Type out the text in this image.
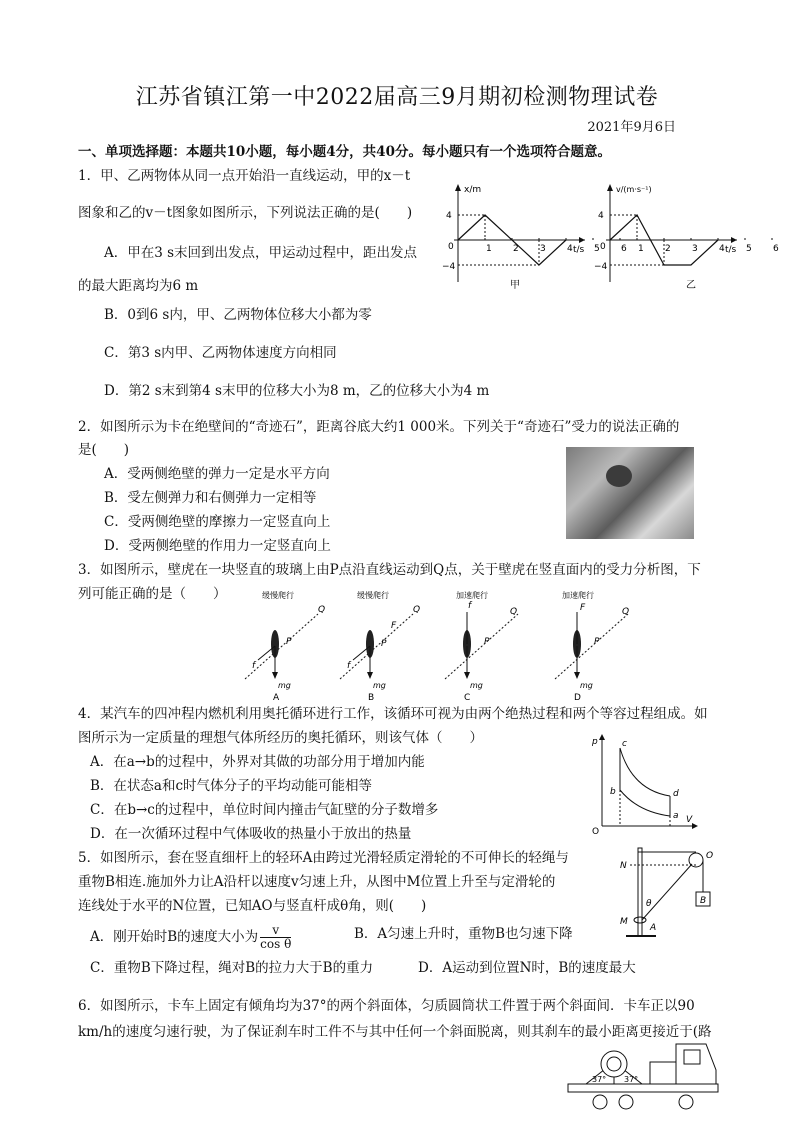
江苏省镇江第一中2022届高三9月期初检测物理试卷
2021年9月6日
一、单项选择题：本题共10小题，每小题4分，共40分。每小题只有一个选项符合题意。
1．甲、乙两物体从同一点开始沿一直线运动，甲的x－t
图象和乙的v－t图象如图所示，下列说法正确的是(　　)
A．甲在3 s末回到出发点，甲运动过程中，距出发点
的最大距离均为6 m
B．0到6 s内，甲、乙两物体位移大小都为零
C．第3 s内甲、乙两物体速度方向相同
D．第2 s末到第4 s末甲的位移大小为8 m，乙的位移大小为4 m
x/m
t/s
4
−4
0	1 2 3 4 5 6
甲
v/(m·s⁻¹)
t/s
4
−4
0	1 2 3 4 5 6
乙
2．如图所示为卡在绝壁间的“奇迹石”，距离谷底大约1 000米。下列关于“奇迹石”受力的说法正确的
是(　　)
A．受两侧绝壁的弹力一定是水平方向
B．受左侧弹力和右侧弹力一定相等
C．受两侧绝壁的摩擦力一定竖直向上
D．受两侧绝壁的作用力一定竖直向上
3．如图所示，壁虎在一块竖直的玻璃上由P点沿直线运动到Q点，关于壁虎在竖直面内的受力分析图，下
列可能正确的是（　　）	缓慢爬行
Q
P
mg
f
A
缓慢爬行
Q
P
F
mg
f
B
加速爬行
Q
P
f
mg
C
加速爬行
Q
P
F
mg
D
4．某汽车的四冲程内燃机利用奥托循环进行工作，该循环可视为由两个绝热过程和两个等容过程组成。如
图所示为一定质量的理想气体所经历的奥托循环，则该气体（　　）
A．在a→b的过程中，外界对其做的功部分用于增加内能
B．在状态a和c时气体分子的平均动能可能相等
C．在b→c的过程中，单位时间内撞击气缸壁的分子数增多
D．在一次循环过程中气体吸收的热量小于放出的热量
p
V
O
c
b	d
a
5．如图所示，套在竖直细杆上的轻环A由跨过光滑轻质定滑轮的不可伸长的轻绳与
重物B相连.施加外力让A沿杆以速度v匀速上升，从图中M位置上升至与定滑轮的
连线处于水平的N位置，已知AO与竖直杆成θ角，则(　　)
A．刚开始时B的速度大小为 $\frac{v}{\text{cos θ}}$	B．A匀速上升时，重物B也匀速下降
C．重物B下降过程，绳对B的拉力大于B的重力	D．A运动到位置N时，B的速度最大
N
O
M
A
B
θ
6．如图所示，卡车上固定有倾角均为37°的两个斜面体，匀质圆筒状工件置于两个斜面间．卡车正以90
km/h的速度匀速行驶，为了保证刹车时工件不与其中任何一个斜面脱离，则其刹车的最小距离更接近于(路
37° 37°
